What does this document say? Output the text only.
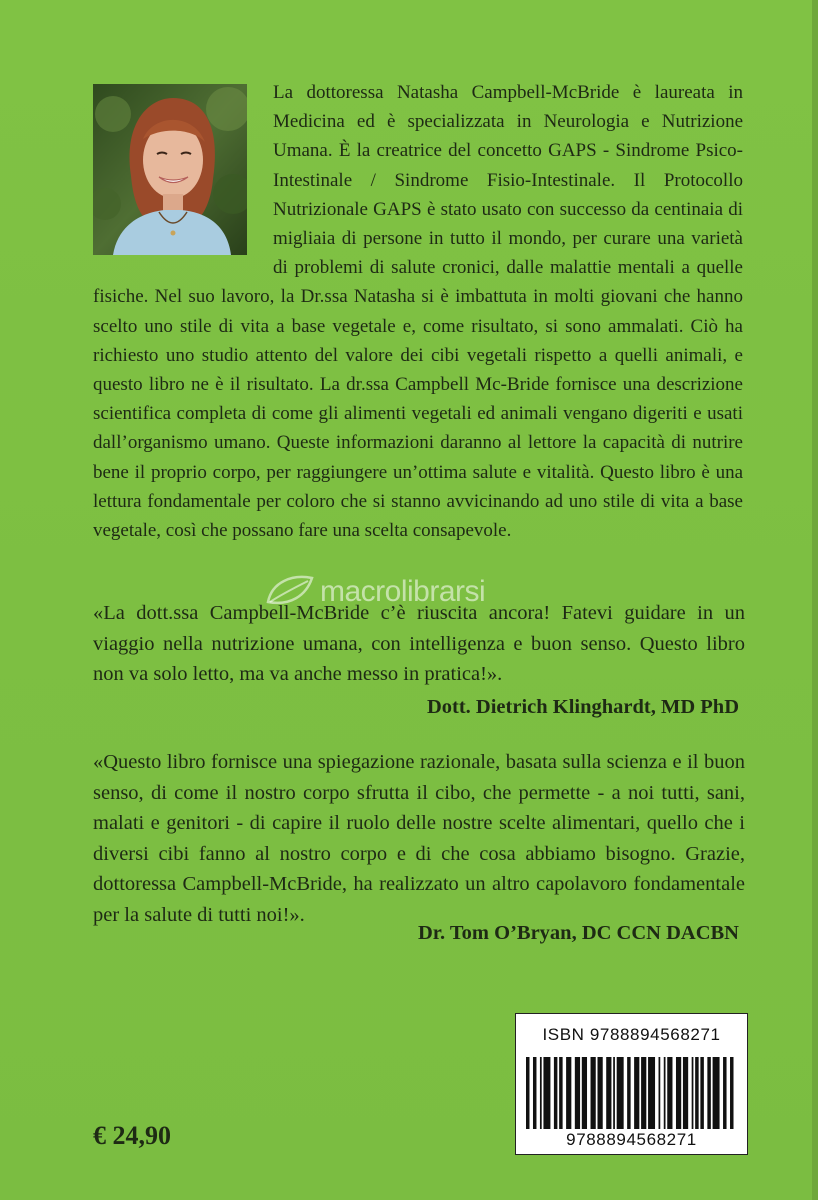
La dottoressa Natasha Campbell-McBride è laureata in Medicina ed è specializzata in Neurologia e Nutrizione Umana. È la creatrice del concetto GAPS - Sindrome Psico-Intestinale / Sindrome Fisio-Intestinale. Il Protocollo Nutrizionale GAPS è stato usato con successo da centinaia di migliaia di persone in tutto il mondo, per curare una varietà di problemi di salute cronici, dalle malattie mentali a quelle fisiche. Nel suo lavoro, la Dr.ssa Natasha si è imbattuta in molti giovani che hanno scelto uno stile di vita a base vegetale e, come risultato, si sono ammalati. Ciò ha richiesto uno studio attento del valore dei cibi vegetali rispetto a quelli animali, e questo libro ne è il risultato. La dr.ssa Campbell Mc-Bride fornisce una descrizione scientifica completa di come gli alimenti vegetali ed animali vengano digeriti e usati dall’organismo umano. Queste informazioni daranno al lettore la capacità di nutrire bene il proprio corpo, per raggiungere un’ottima salute e vitalità. Questo libro è una lettura fondamentale per coloro che si stanno avvicinando ad uno stile di vita a base vegetale, così che possano fare una scelta consapevole.
macrolibrarsi

«La dott.ssa Campbell-McBride c’è riuscita ancora! Fatevi guidare in un viaggio nella nutrizione umana, con intelligenza e buon senso. Questo libro non va solo letto, ma va anche messo in pratica!».

Dott. Dietrich Klinghardt, MD PhD

«Questo libro fornisce una spiegazione razionale, basata sulla scienza e il buon senso, di come il nostro corpo sfrutta il cibo, che permette - a noi tutti, sani, malati e genitori - di capire il ruolo delle nostre scelte alimentari, quello che i diversi cibi fanno al nostro corpo e di che cosa abbiamo bisogno. Grazie, dottoressa Campbell-McBride, ha realizzato un altro capolavoro fondamentale per la salute di tutti noi!».

Dr. Tom O’Bryan, DC CCN DACBN
€ 24,90
ISBN 9788894568271
9788894568271
